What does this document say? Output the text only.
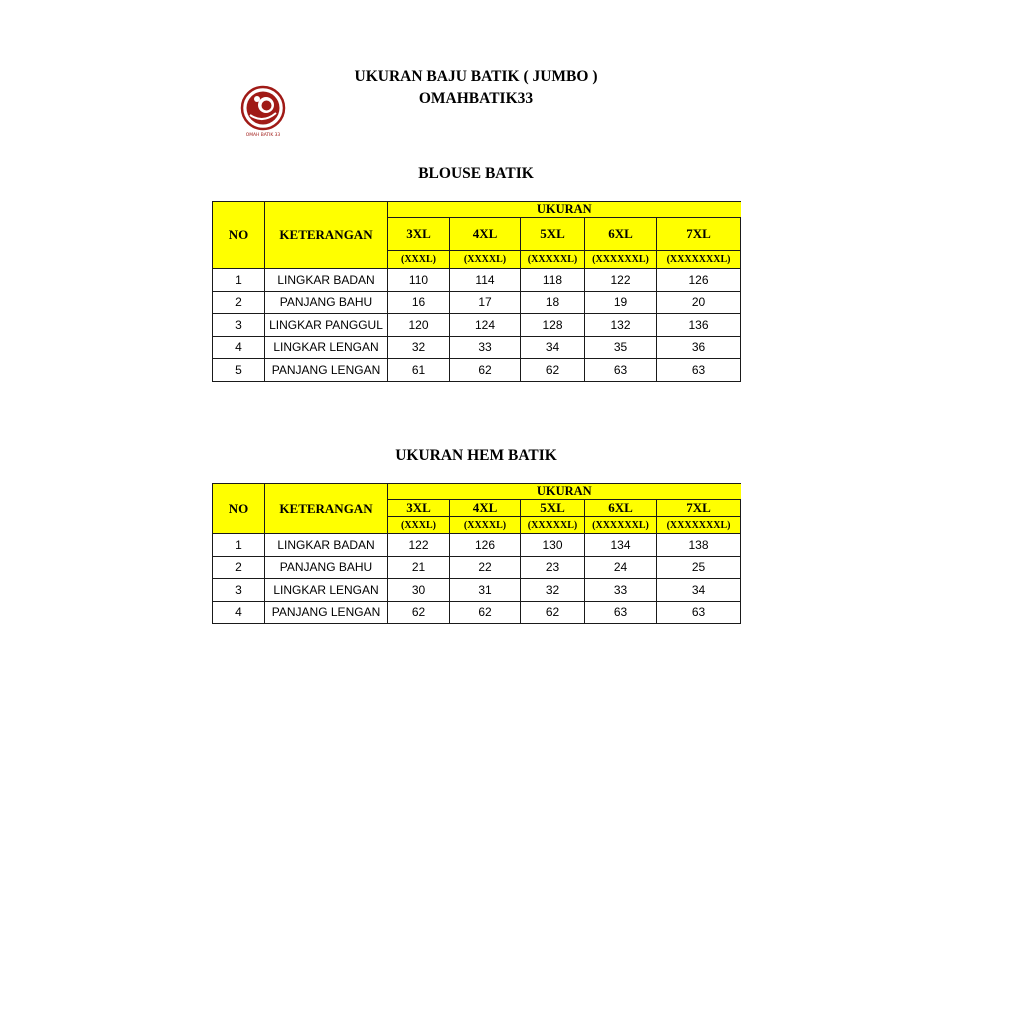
UKURAN BAJU BATIK ( JUMBO )
OMAHBATIK33
OMAH BATIK 33
BLOUSE BATIK
NO	KETERANGAN	UKURAN				
		3XL	4XL	5XL	6XL	7XL
		(XXXL)	(XXXXL)	(XXXXXL)	(XXXXXXL)	(XXXXXXXL)
1	LINGKAR BADAN	110	114	118	122	126
2	PANJANG BAHU	16	17	18	19	20
3	LINGKAR PANGGUL	120	124	128	132	136
4	LINGKAR LENGAN	32	33	34	35	36
5	PANJANG LENGAN	61	62	62	63	63
UKURAN HEM BATIK
NO	KETERANGAN	UKURAN				
		3XL	4XL	5XL	6XL	7XL
		(XXXL)	(XXXXL)	(XXXXXL)	(XXXXXXL)	(XXXXXXXL)
1	LINGKAR BADAN	122	126	130	134	138
2	PANJANG BAHU	21	22	23	24	25
3	LINGKAR LENGAN	30	31	32	33	34
4	PANJANG LENGAN	62	62	62	63	63
